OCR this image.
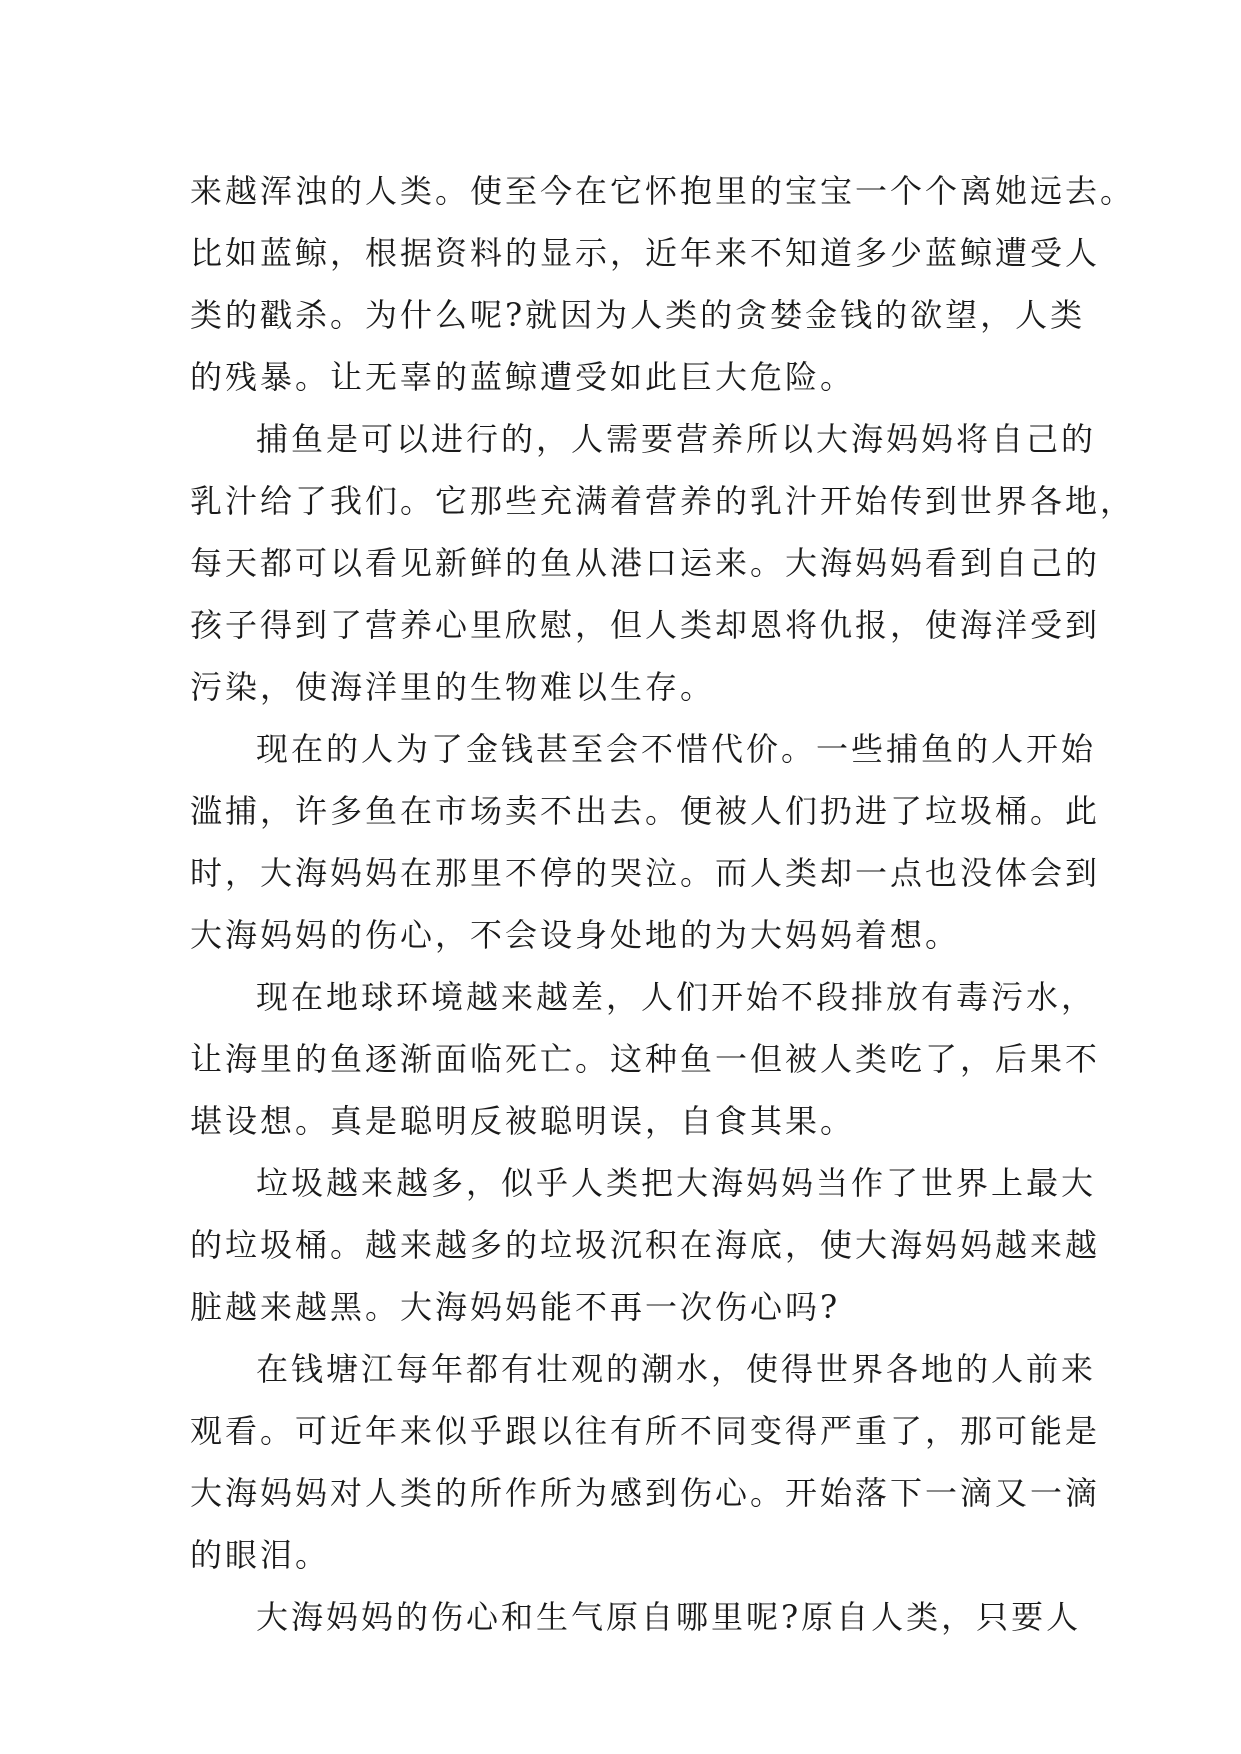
来越浑浊的人类。使至今在它怀抱里的宝宝一个个离她远去。
比如蓝鲸，根据资料的显示，近年来不知道多少蓝鲸遭受人
类的戳杀。为什么呢?就因为人类的贪婪金钱的欲望，人类
的残暴。让无辜的蓝鲸遭受如此巨大危险。
捕鱼是可以进行的，人需要营养所以大海妈妈将自己的
乳汁给了我们。它那些充满着营养的乳汁开始传到世界各地，
每天都可以看见新鲜的鱼从港口运来。大海妈妈看到自己的
孩子得到了营养心里欣慰，但人类却恩将仇报，使海洋受到
污染，使海洋里的生物难以生存。
现在的人为了金钱甚至会不惜代价。一些捕鱼的人开始
滥捕，许多鱼在市场卖不出去。便被人们扔进了垃圾桶。此
时，大海妈妈在那里不停的哭泣。而人类却一点也没体会到
大海妈妈的伤心，不会设身处地的为大妈妈着想。
现在地球环境越来越差，人们开始不段排放有毒污水，
让海里的鱼逐渐面临死亡。这种鱼一但被人类吃了，后果不
堪设想。真是聪明反被聪明误，自食其果。
垃圾越来越多，似乎人类把大海妈妈当作了世界上最大
的垃圾桶。越来越多的垃圾沉积在海底，使大海妈妈越来越
脏越来越黑。大海妈妈能不再一次伤心吗?
在钱塘江每年都有壮观的潮水，使得世界各地的人前来
观看。可近年来似乎跟以往有所不同变得严重了，那可能是
大海妈妈对人类的所作所为感到伤心。开始落下一滴又一滴
的眼泪。
大海妈妈的伤心和生气原自哪里呢?原自人类，只要人
